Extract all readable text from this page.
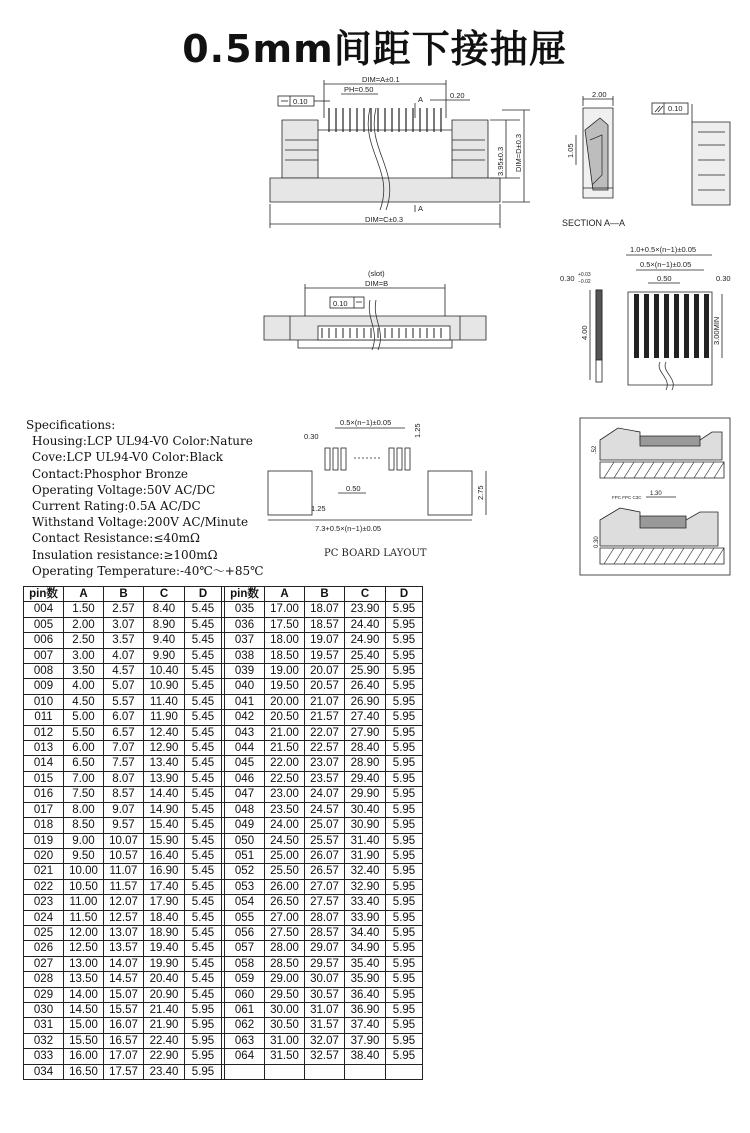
0.5mm间距下接抽屉
DIM=A±0.1
PH=0.50
0.10
0.20
A
A
DIM=C±0.3
3.95±0.3 DIM=D±0.3
2.00
1.05
SECTION A—A
0.10
(slot)
DIM=B
0.10
1.0+0.5×(n−1)±0.05
0.5×(n−1)±0.05
0.30 +0.03
−0.02	0.50	0.30
4.00	3.00MIN
0.5×(n−1)±0.05
0.30	1.25
0.50
1.25
2.75
7.3+0.5×(n−1)±0.05
PC BOARD LAYOUT
.52
FPC FPC C3C
1.30
0.30
Specifications:
Housing:LCP UL94-V0 Color:Nature
Cove:LCP UL94-V0 Color:Black
Contact:Phosphor Bronze
Operating Voltage:50V AC/DC
Current Rating:0.5A AC/DC
Withstand Voltage:200V AC/Minute
Contact Resistance:≤40mΩ
Insulation resistance:≥100mΩ
Operating Temperature:-40℃～+85℃
pin数	A	B	C	D		pin数	A	B	C	D
004	1.50	2.57	8.40	5.45		035	17.00	18.07	23.90	5.95
005	2.00	3.07	8.90	5.45		036	17.50	18.57	24.40	5.95
006	2.50	3.57	9.40	5.45		037	18.00	19.07	24.90	5.95
007	3.00	4.07	9.90	5.45		038	18.50	19.57	25.40	5.95
008	3.50	4.57	10.40	5.45		039	19.00	20.07	25.90	5.95
009	4.00	5.07	10.90	5.45		040	19.50	20.57	26.40	5.95
010	4.50	5.57	11.40	5.45		041	20.00	21.07	26.90	5.95
011	5.00	6.07	11.90	5.45		042	20.50	21.57	27.40	5.95
012	5.50	6.57	12.40	5.45		043	21.00	22.07	27.90	5.95
013	6.00	7.07	12.90	5.45		044	21.50	22.57	28.40	5.95
014	6.50	7.57	13.40	5.45		045	22.00	23.07	28.90	5.95
015	7.00	8.07	13.90	5.45		046	22.50	23.57	29.40	5.95
016	7.50	8.57	14.40	5.45		047	23.00	24.07	29.90	5.95
017	8.00	9.07	14.90	5.45		048	23.50	24.57	30.40	5.95
018	8.50	9.57	15.40	5.45		049	24.00	25.07	30.90	5.95
019	9.00	10.07	15.90	5.45		050	24.50	25.57	31.40	5.95
020	9.50	10.57	16.40	5.45		051	25.00	26.07	31.90	5.95
021	10.00	11.07	16.90	5.45		052	25.50	26.57	32.40	5.95
022	10.50	11.57	17.40	5.45		053	26.00	27.07	32.90	5.95
023	11.00	12.07	17.90	5.45		054	26.50	27.57	33.40	5.95
024	11.50	12.57	18.40	5.45		055	27.00	28.07	33.90	5.95
025	12.00	13.07	18.90	5.45		056	27.50	28.57	34.40	5.95
026	12.50	13.57	19.40	5.45		057	28.00	29.07	34.90	5.95
027	13.00	14.07	19.90	5.45		058	28.50	29.57	35.40	5.95
028	13.50	14.57	20.40	5.45		059	29.00	30.07	35.90	5.95
029	14.00	15.07	20.90	5.45		060	29.50	30.57	36.40	5.95
030	14.50	15.57	21.40	5.95		061	30.00	31.07	36.90	5.95
031	15.00	16.07	21.90	5.95		062	30.50	31.57	37.40	5.95
032	15.50	16.57	22.40	5.95		063	31.00	32.07	37.90	5.95
033	16.00	17.07	22.90	5.95		064	31.50	32.57	38.40	5.95
034	16.50	17.57	23.40	5.95						
